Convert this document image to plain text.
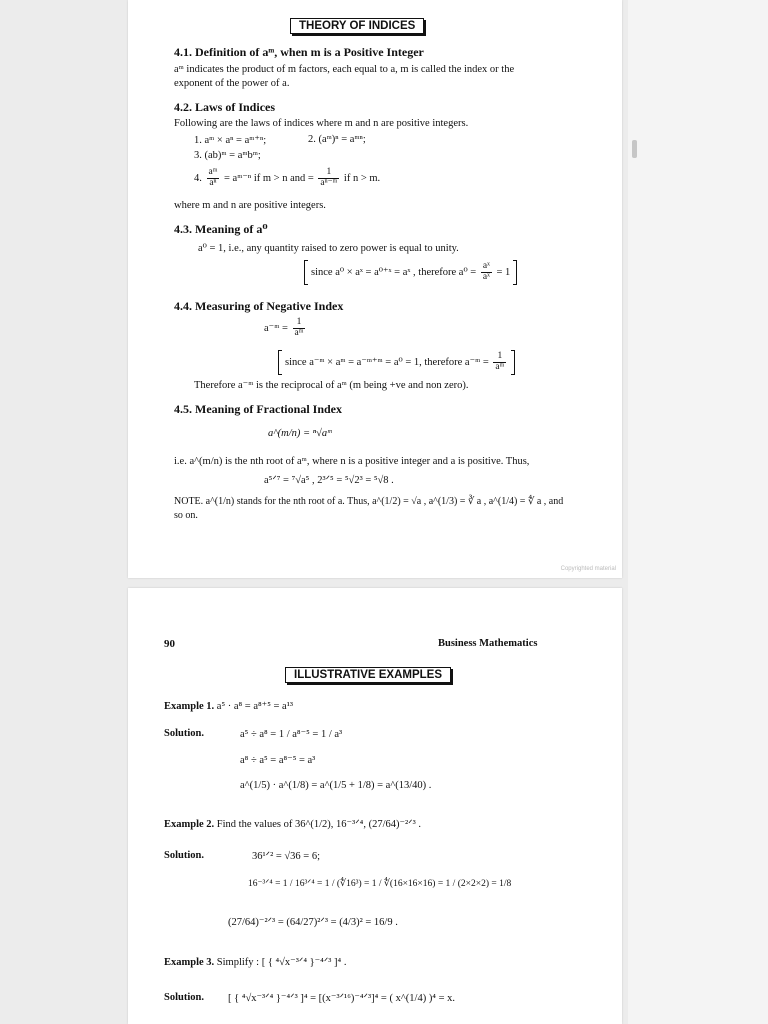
THEORY OF INDICES
4.1. Definition of aᵐ, when m is a Positive Integer
aᵐ indicates the product of m factors, each equal to a, m is called the index or the
exponent of the power of a.
4.2. Laws of Indices
Following are the laws of indices where m and n are positive integers.
1. aᵐ × aⁿ = aᵐ⁺ⁿ;	2. (aᵐ)ⁿ = aᵐⁿ;
3. (ab)ᵐ = aᵐbᵐ;
4. $\frac{\text{aᵐ}}{\text{aⁿ}}$ = aᵐ⁻ⁿ if m > n and = $\frac{1}{\text{aⁿ⁻ᵐ}}$ if n > m.
where m and n are positive integers.
4.3. Meaning of a⁰
a⁰ = 1, i.e., any quantity raised to zero power is equal to unity.
since a⁰ × aˣ = a⁰⁺ˣ = aˣ , therefore $a^0 = \frac{\text{aˣ}}{\text{aˣ}} = 1$
4.4. Measuring of Negative Index
a⁻ᵐ = $\frac{1}{\text{aᵐ}}$
since a⁻ᵐ × aᵐ = a⁻ᵐ⁺ᵐ = a⁰ = 1, therefore a⁻ᵐ = $\frac{1}{\text{aᵐ}}$
Therefore a⁻ᵐ is the reciprocal of aᵐ (m being +ve and non zero).
4.5. Meaning of Fractional Index
a^(m/n) = ⁿ√aᵐ
i.e. a^(m/n) is the nth root of aᵐ, where n is a positive integer and a is positive. Thus,
a⁵ᐟ⁷ = ⁷√a⁵ , 2³ᐟ⁵ = ⁵√2³ = ⁵√8 .
NOTE. a^(1/n) stands for the nth root of a. Thus, a^(1/2) = √a , a^(1/3) = ∛ a , a^(1/4) = ∜ a , and
so on.
Copyrighted material
90	Business Mathematics
ILLUSTRATIVE EXAMPLES
Example 1. a⁵ · a⁸ = a⁸⁺⁵ = a¹³
Solution.	a⁵ ÷ a⁸ = 1 / a⁸⁻⁵ = 1 / a³
a⁸ ÷ a⁵ = a⁸⁻⁵ = a³
a^(1/5) · a^(1/8) = a^(1/5 + 1/8) = a^(13/40) .
Example 2. Find the values of 36^(1/2), 16⁻³ᐟ⁴, (27/64)⁻²ᐟ³ .
Solution.	36¹ᐟ² = √36 = 6;
16⁻³ᐟ⁴ = 1 / 16³ᐟ⁴ = 1 / (∜16³) = 1 / ∜(16×16×16) = 1 / (2×2×2) = 1/8
(27/64)⁻²ᐟ³ = (64/27)²ᐟ³ = (4/3)² = 16/9 .
Example 3. Simplify : [ { ⁴√x⁻³ᐟ⁴ }⁻⁴ᐟ³ ]⁴ .
Solution. [ { ⁴√x⁻³ᐟ⁴ }⁻⁴ᐟ³ ]⁴ = [(x⁻³ᐟ¹⁶)⁻⁴ᐟ³]⁴ = ( x^(1/4) )⁴ = x.
